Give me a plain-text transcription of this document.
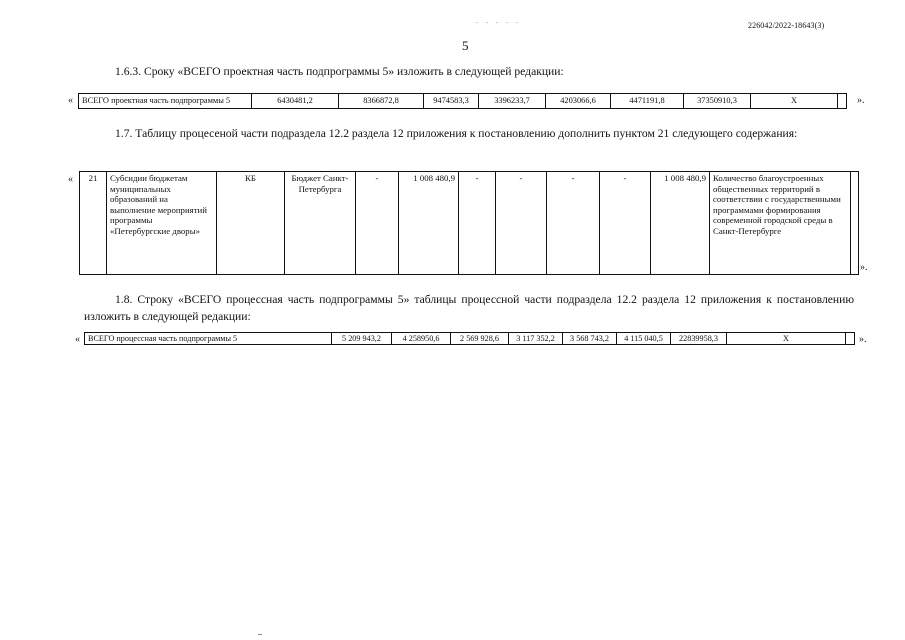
. . . . .
226042/2022-18643(3)
5
1.6.3. Сроку «ВСЕГО проектная часть подпрограммы 5» изложить в следующей редакции:
« ВСЕГО проектная часть подпрограммы 5	6430481,2	8366872,8	9474583,3	3396233,7	4203066,6	4471191,8	37350910,3	Х		».
1.7. Таблицу процесеной части подраздела 12.2 раздела 12 приложения к постановлению дополнить пунктом 21 следующего содержания:
« 21	Субсидии бюджетам муниципальных образований на выполнение мероприятий программы «Петербургские дворы»	КБ	Бюджет Санкт-Петербурга	-	1 008 480,9	-	-	-	-	1 008 480,9	Количество благоустроенных общественных территорий в соответствии с государственными программами формирования современной городской среды в Санкт-Петербурге	
».
1.8. Строку «ВСЕГО процессная часть подпрограммы 5» таблицы процессной части подраздела 12.2 раздела 12 приложения к постановлению изложить в следующей редакции:
« ВСЕГО процессная часть подпрограммы 5	5 209 943,2	4 258950,6	2 569 928,6	3 117 352,2	3 568 743,2	4 115 040,5	22839958,3	Х		».
